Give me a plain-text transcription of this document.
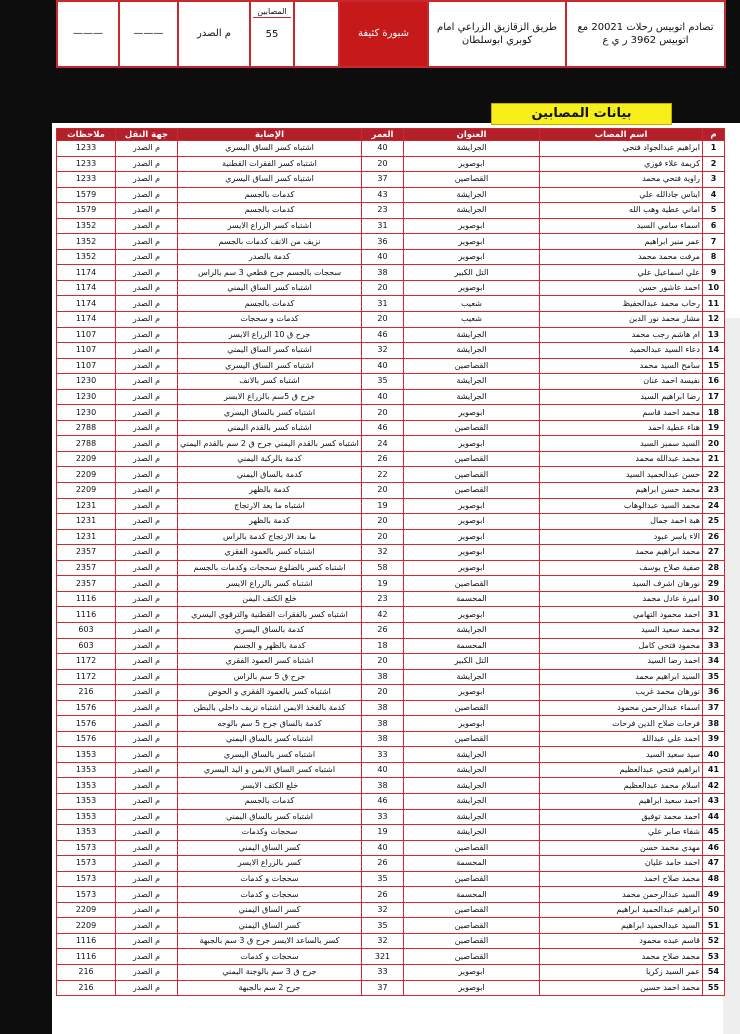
———	———	م الصدر	
المصابين
55		شبورة كثيفة	طريق الزقازيق الزراعي امام كوبري ابوسلطان	تصادم اتوبيس رحلات 20021 مع اتوبيس 3962 ر ي ع
بيانات المصابين
ملاحظات	جهة النقل	الإصابة	العمر	العنوان	اسم المصاب	م
1233	م الصدر	اشتباه كسر الساق اليسري	40	الجرايشة	ابراهيم عبدالجواد فتحي	1
1233	م الصدر	اشتباه كسر الفقرات القطنية	20	ابوصوير	كريمة علاء فوزي	2
1233	م الصدر	اشتباه كسر الساق اليسري	37	القصاصين	راوية فتحي محمد	3
1579	م الصدر	كدمات بالجسم	43	الجرايشة	ايناس جادالله علي	4
1579	م الصدر	كدمات بالجسم	23	الجرايشة	اماني عطية وهب الله	5
1352	م الصدر	اشتباه كسر الزراع الايسر	31	ابوصوير	اسماء سامي السيد	6
1352	م الصدر	نزيف من الانف كدمات بالجسم	36	ابوصوير	عمر منير ابراهيم	7
1352	م الصدر	كدمة بالصدر	40	ابوصوير	مرفت محمد محمد	8
1174	م الصدر	سحجات بالجسم جرح قطعي 3 سم بالراس	38	التل الكبير	علي اسماعيل علي	9
1174	م الصدر	اشتباه كسر الساق اليمني	20	ابوصوير	احمد عاشور حسن	10
1174	م الصدر	كدمات بالجسم	31	شعيب	رحاب محمد عبدالحفيظ	11
1174	م الصدر	كدمات و سحجات	20	شعيب	مشار محمد نور الدين	12
1107	م الصدر	جرح ق 10 الزراع الايسر	46	الجرايشة	ام هاشم رجب محمد	13
1107	م الصدر	اشتباه كسر الساق اليمني	32	الجرايشة	دعاء السيد عبدالحميد	14
1107	م الصدر	اشتباه كسر الساق اليسري	40	القصاصين	سامح السيد محمد	15
1230	م الصدر	اشتباه كسر بالانف	35	الجرايشة	نفيسة احمد عنان	16
1230	م الصدر	جرح ق 5سم بالزراع الايسر	40	الجرايشة	رضا ابراهيم السيد	17
1230	م الصدر	اشتباه كسر بالساق اليسري	20	ابوصوير	محمد احمد قاسم	18
2788	م الصدر	اشتباه كسر بالقدم اليمني	46	القصاصين	هناء عطية احمد	19
2788	م الصدر	اشتباه كسر بالقدم اليمني جرح ق 2 سم بالقدم اليمني	24	ابوصوير	السيد سمير السيد	20
2209	م الصدر	كدمة بالركبة اليمني	26	القصاصين	محمد عبدالله محمد	21
2209	م الصدر	كدمة بالساق اليمني	22	القصاصين	حسن عبدالحميد السيد	22
2209	م الصدر	كدمة بالظهر	20	القصاصين	محمد حسن ابراهيم	23
1231	م الصدر	اشتباه ما بعد الارتجاج	19	ابوصوير	محمد السيد عبدالوهاب	24
1231	م الصدر	كدمة بالظهر	20	ابوصوير	هبة احمد جمال	25
1231	م الصدر	ما بعد الارتجاج كدمة بالراس	20	ابوصوير	الاء ياسر عبود	26
2357	م الصدر	اشتباه كسر بالعمود الفقري	32	ابوصوير	محمد ابراهيم محمد	27
2357	م الصدر	اشتباه كسر بالضلوع سحجات وكدمات بالجسم	58	ابوصوير	صفية صلاح يوسف	28
2357	م الصدر	اشتباه كسر بالزراع الايسر	19	القصاصين	نورهان اشرف السيد	29
1116	م الصدر	خلع الكتف اليمن	23	المحسمة	اميرة عادل محمد	30
1116	م الصدر	اشتباه كسر بالفقرات القطنية والترقوي اليسري	42	ابوصوير	احمد محمود التهامي	31
603	م الصدر	كدمة بالساق اليسري	26	الجرايشة	محمد سعيد السيد	32
603	م الصدر	كدمة بالظهر و الجسم	18	المحسمة	محمود فتحي كامل	33
1172	م الصدر	اشتباه كسر العمود الفقري	20	التل الكبير	احمد رضا السيد	34
1172	م الصدر	جرح ق 5 سم بالراس	38	الجرايشة	السيد ابراهيم محمد	35
216	م الصدر	اشتباه كسر بالعمود الفقري و الحوض	20	ابوصوير	نورهان محمد غريب	36
1576	م الصدر	كدمة بالفخذ الايمن اشتباه نزيف داخلي بالبطن	38	القصاصين	اسماء عبدالرحمن محمود	37
1576	م الصدر	كدمة بالساق جرح 5 سم بالوجه	38	ابوصوير	فرحات صلاح الدين فرحات	38
1576	م الصدر	اشتباه كسر بالساق اليمني	38	القصاصين	احمد علي عبدالله	39
1353	م الصدر	اشتباه كسر بالساق اليسري	33	الجرايشة	سيد سعيد السيد	40
1353	م الصدر	اشتباه كسر الساق الايمن و اليد اليسري	40	الجرايشة	ابراهيم فتحي عبدالعظيم	41
1353	م الصدر	خلع الكتف الايسر	38	الجرايشة	اسلام محمد عبدالعظيم	42
1353	م الصدر	كدمات بالجسم	46	الجرايشة	احمد سعيد ابراهيم	43
1353	م الصدر	اشتباه كسر بالساق اليمني	33	الجرايشة	احمد محمد توفيق	44
1353	م الصدر	سحجات وكدمات	19	الجرايشة	شفاء صابر علي	45
1573	م الصدر	كسر الساق اليمني	40	القصاصين	مهدي محمد حسن	46
1573	م الصدر	كسر بالزراع الايسر	26	المحسمة	احمد حامد عليان	47
1573	م الصدر	سحجات و كدمات	35	القصاصين	محمد صلاح احمد	48
1573	م الصدر	سحجات و كدمات	26	المحسمة	السيد عبدالرحمن محمد	49
2209	م الصدر	كسر الساق اليمني	32	القصاصين	ابراهيم عبدالحميد ابراهيم	50
2209	م الصدر	كسر الساق اليمني	35	القصاصين	السيد عبدالحميد ابراهيم	51
1116	م الصدر	كسر بالساعد الايسر جرح ق 3 سم بالجبهة	32	القصاصين	قاسم عبده محمود	52
1116	م الصدر	سحجات و كدمات	321	القصاصين	محمد صلاح محمد	53
216	م الصدر	جرح ق 3 سم بالوجنة اليمني	33	ابوصوير	عمر السيد زكريا	54
216	م الصدر	جرح 2 سم بالجبهة	37	ابوصوير	محمد احمد حسين	55
